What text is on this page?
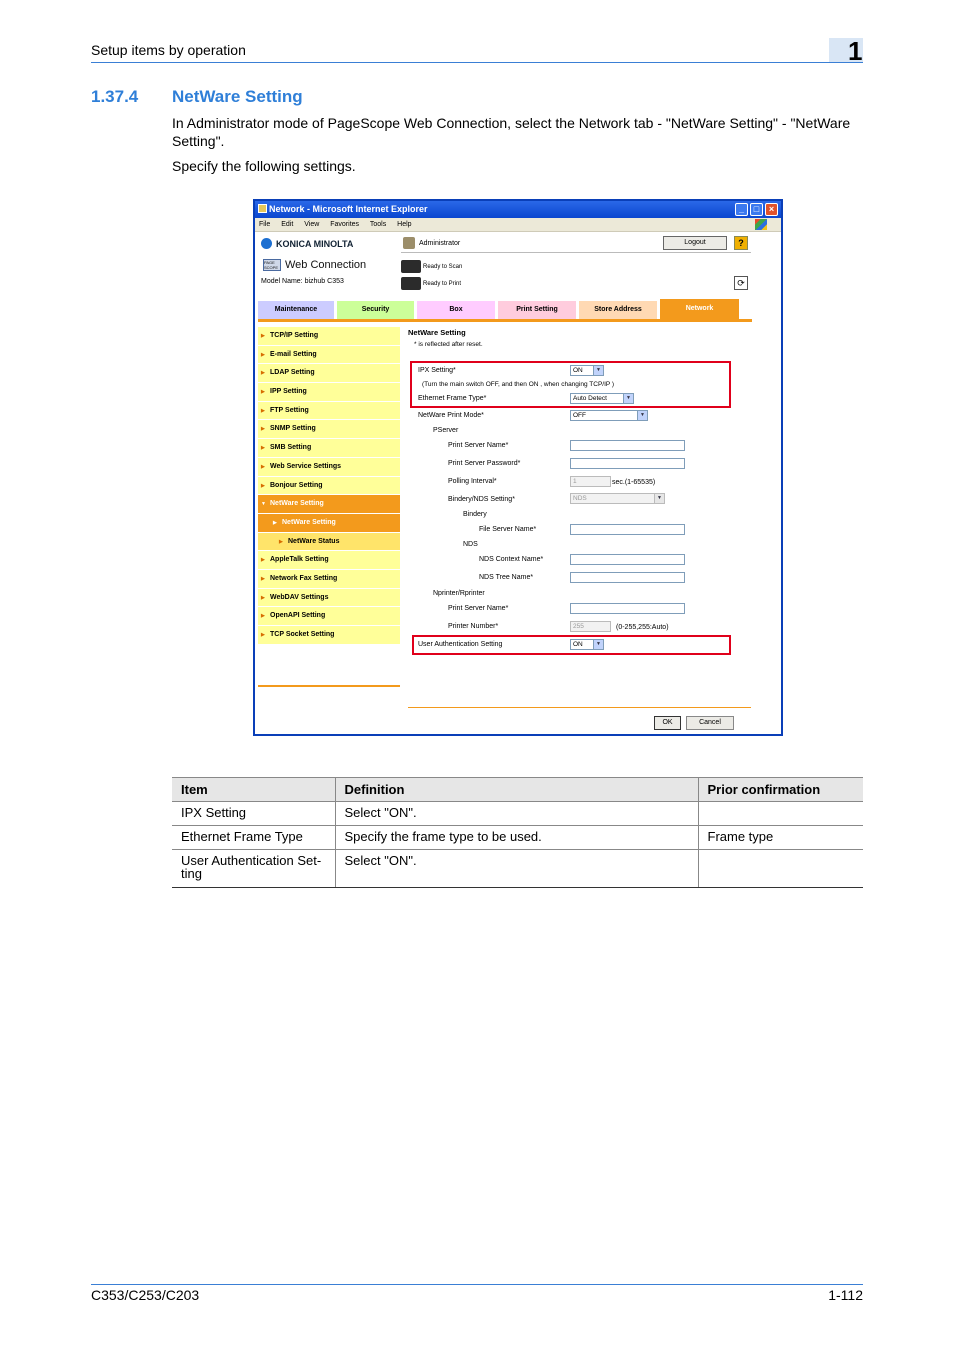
Setup items by operation	1
1.37.4 NetWare Setting

In Administrator mode of PageScope Web Connection, select the Network tab - "NetWare Setting" - "NetWare Setting".

Specify the following settings.

Network - Microsoft Internet Explorer	_	□	×
File Edit View Favorites Tools Help
KONICA MINOLTA
PAGE SCOPE Web Connection
Model Name: bizhub C353
Administrator	Logout	?
Ready to Scan
Ready to Print	⟳
Maintenance	Security	Box	Print Setting	Store Address	Network
▶ TCP/IP Setting
▶ E-mail Setting
▶ LDAP Setting
▶ IPP Setting
▶ FTP Setting
▶ SNMP Setting
▶ SMB Setting
▶ Web Service Settings
▶ Bonjour Setting
▼ NetWare Setting
▶ NetWare Setting
▶ NetWare Status
▶ AppleTalk Setting
▶ Network Fax Setting
▶ WebDAV Settings
▶ OpenAPI Setting
▶ TCP Socket Setting
NetWare Setting
* is reflected after reset.
IPX Setting*	ON	▼
(Turn the main switch OFF, and then ON , when changing TCP/IP )
Ethernet Frame Type*	Auto Detect	▼
NetWare Print Mode*	OFF	▼
PServer
Print Server Name*
Print Server Password*
Polling Interval*	1	sec.(1-65535)
Bindery/NDS Setting*	NDS	▼
Bindery
File Server Name*
NDS
NDS Context Name*
NDS Tree Name*
Nprinter/Rprinter
Print Server Name*
Printer Number*	255	(0-255,255:Auto)
User Authentication Setting	ON	▼
OK	Cancel
Item	Definition	Prior confirmation
IPX Setting	Select "ON".	
Ethernet Frame Type	Specify the frame type to be used.	Frame type
User Authentication Set-
ting	Select "ON".	
C353/C253/C203	1-112
